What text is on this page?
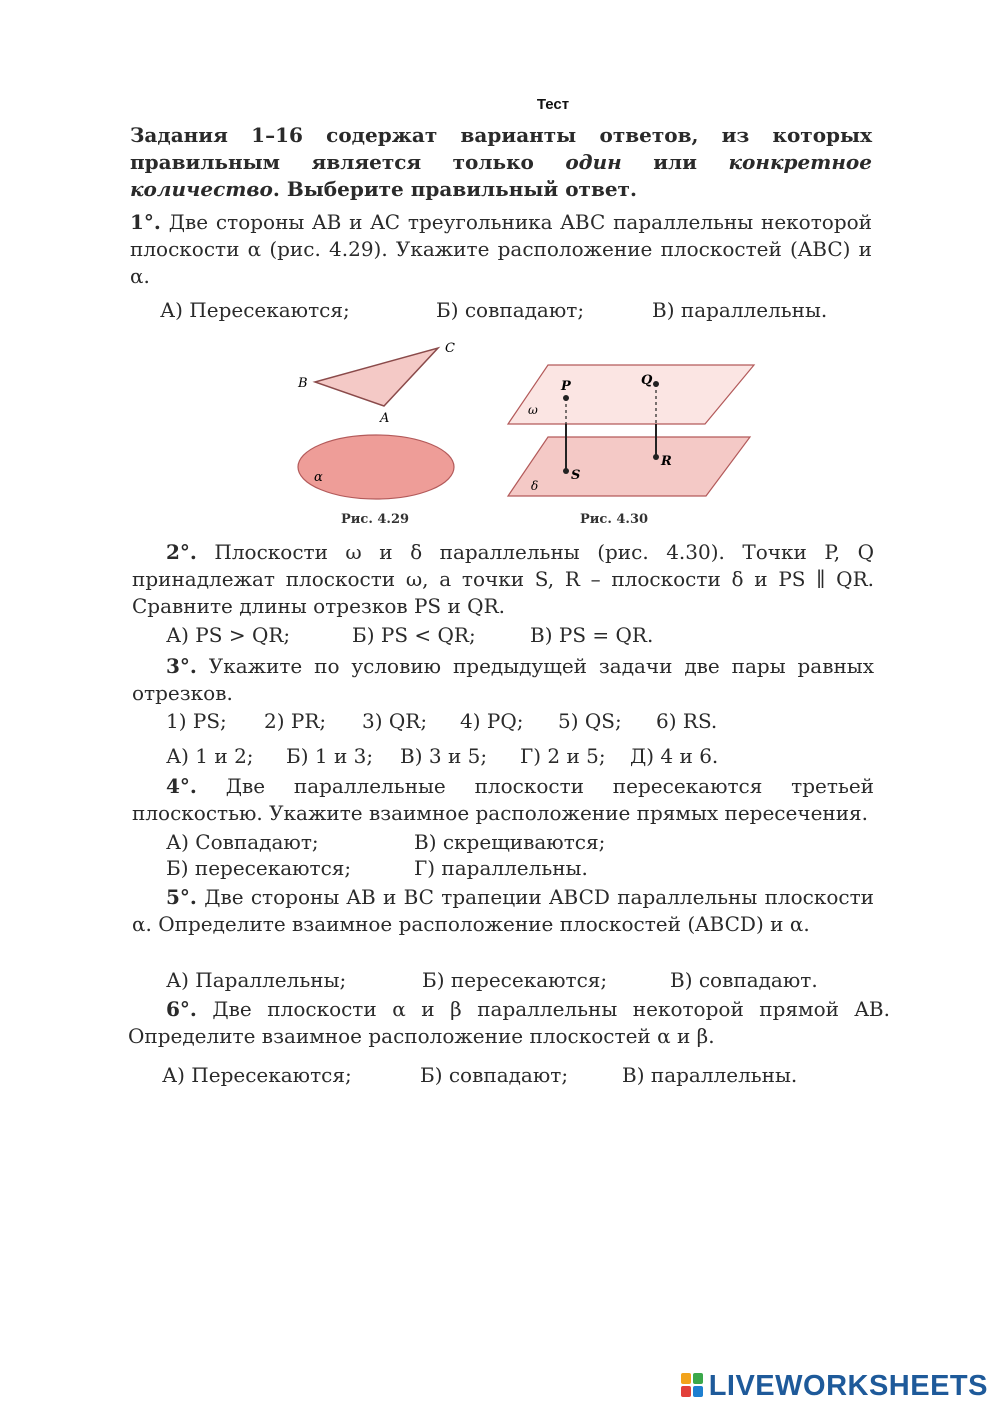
Тест
Задания 1–16 содержат варианты ответов, из которых правильным является только один или конкретное количество. Выберите правильный ответ.
1°. Две стороны AB и AC треугольника ABC параллельны некоторой плоскости α (рис. 4.29). Укажите расположение плоскостей (ABC) и α.
А) Пересекаются;	Б) совпадают;	В) параллельны.
B
C
A
α
Рис. 4.29
P	Q
ω
S
R
δ
Рис. 4.30
2°. Плоскости ω и δ параллельны (рис. 4.30). Точки P, Q принадлежат плоскости ω, а точки S, R – плоскости δ и PS ∥ QR. Сравните длины отрезков PS и QR.
А) PS > QR;	Б) PS < QR;	В) PS = QR.
3°. Укажите по условию предыдущей задачи две пары равных отрезков.
1) PS; 2) PR; 3) QR; 4) PQ; 5) QS; 6) RS.
А) 1 и 2; Б) 1 и 3; В) 3 и 5; Г) 2 и 5; Д) 4 и 6.
4°. Две параллельные плоскости пересекаются третьей плоскостью. Укажите взаимное расположение прямых пересечения.
А) Совпадают;	В) скрещиваются;
Б) пересекаются;	Г) параллельны.
5°. Две стороны AB и BC трапеции ABCD параллельны плоскости α. Определите взаимное расположение плоскостей (ABCD) и α.
А) Параллельны;	Б) пересекаются;	В) совпадают.
6°. Две плоскости α и β параллельны некоторой прямой AB. Определите взаимное расположение плоскостей α и β.
А) Пересекаются;	Б) совпадают;	В) параллельны.
LIVEWORKSHEETS
